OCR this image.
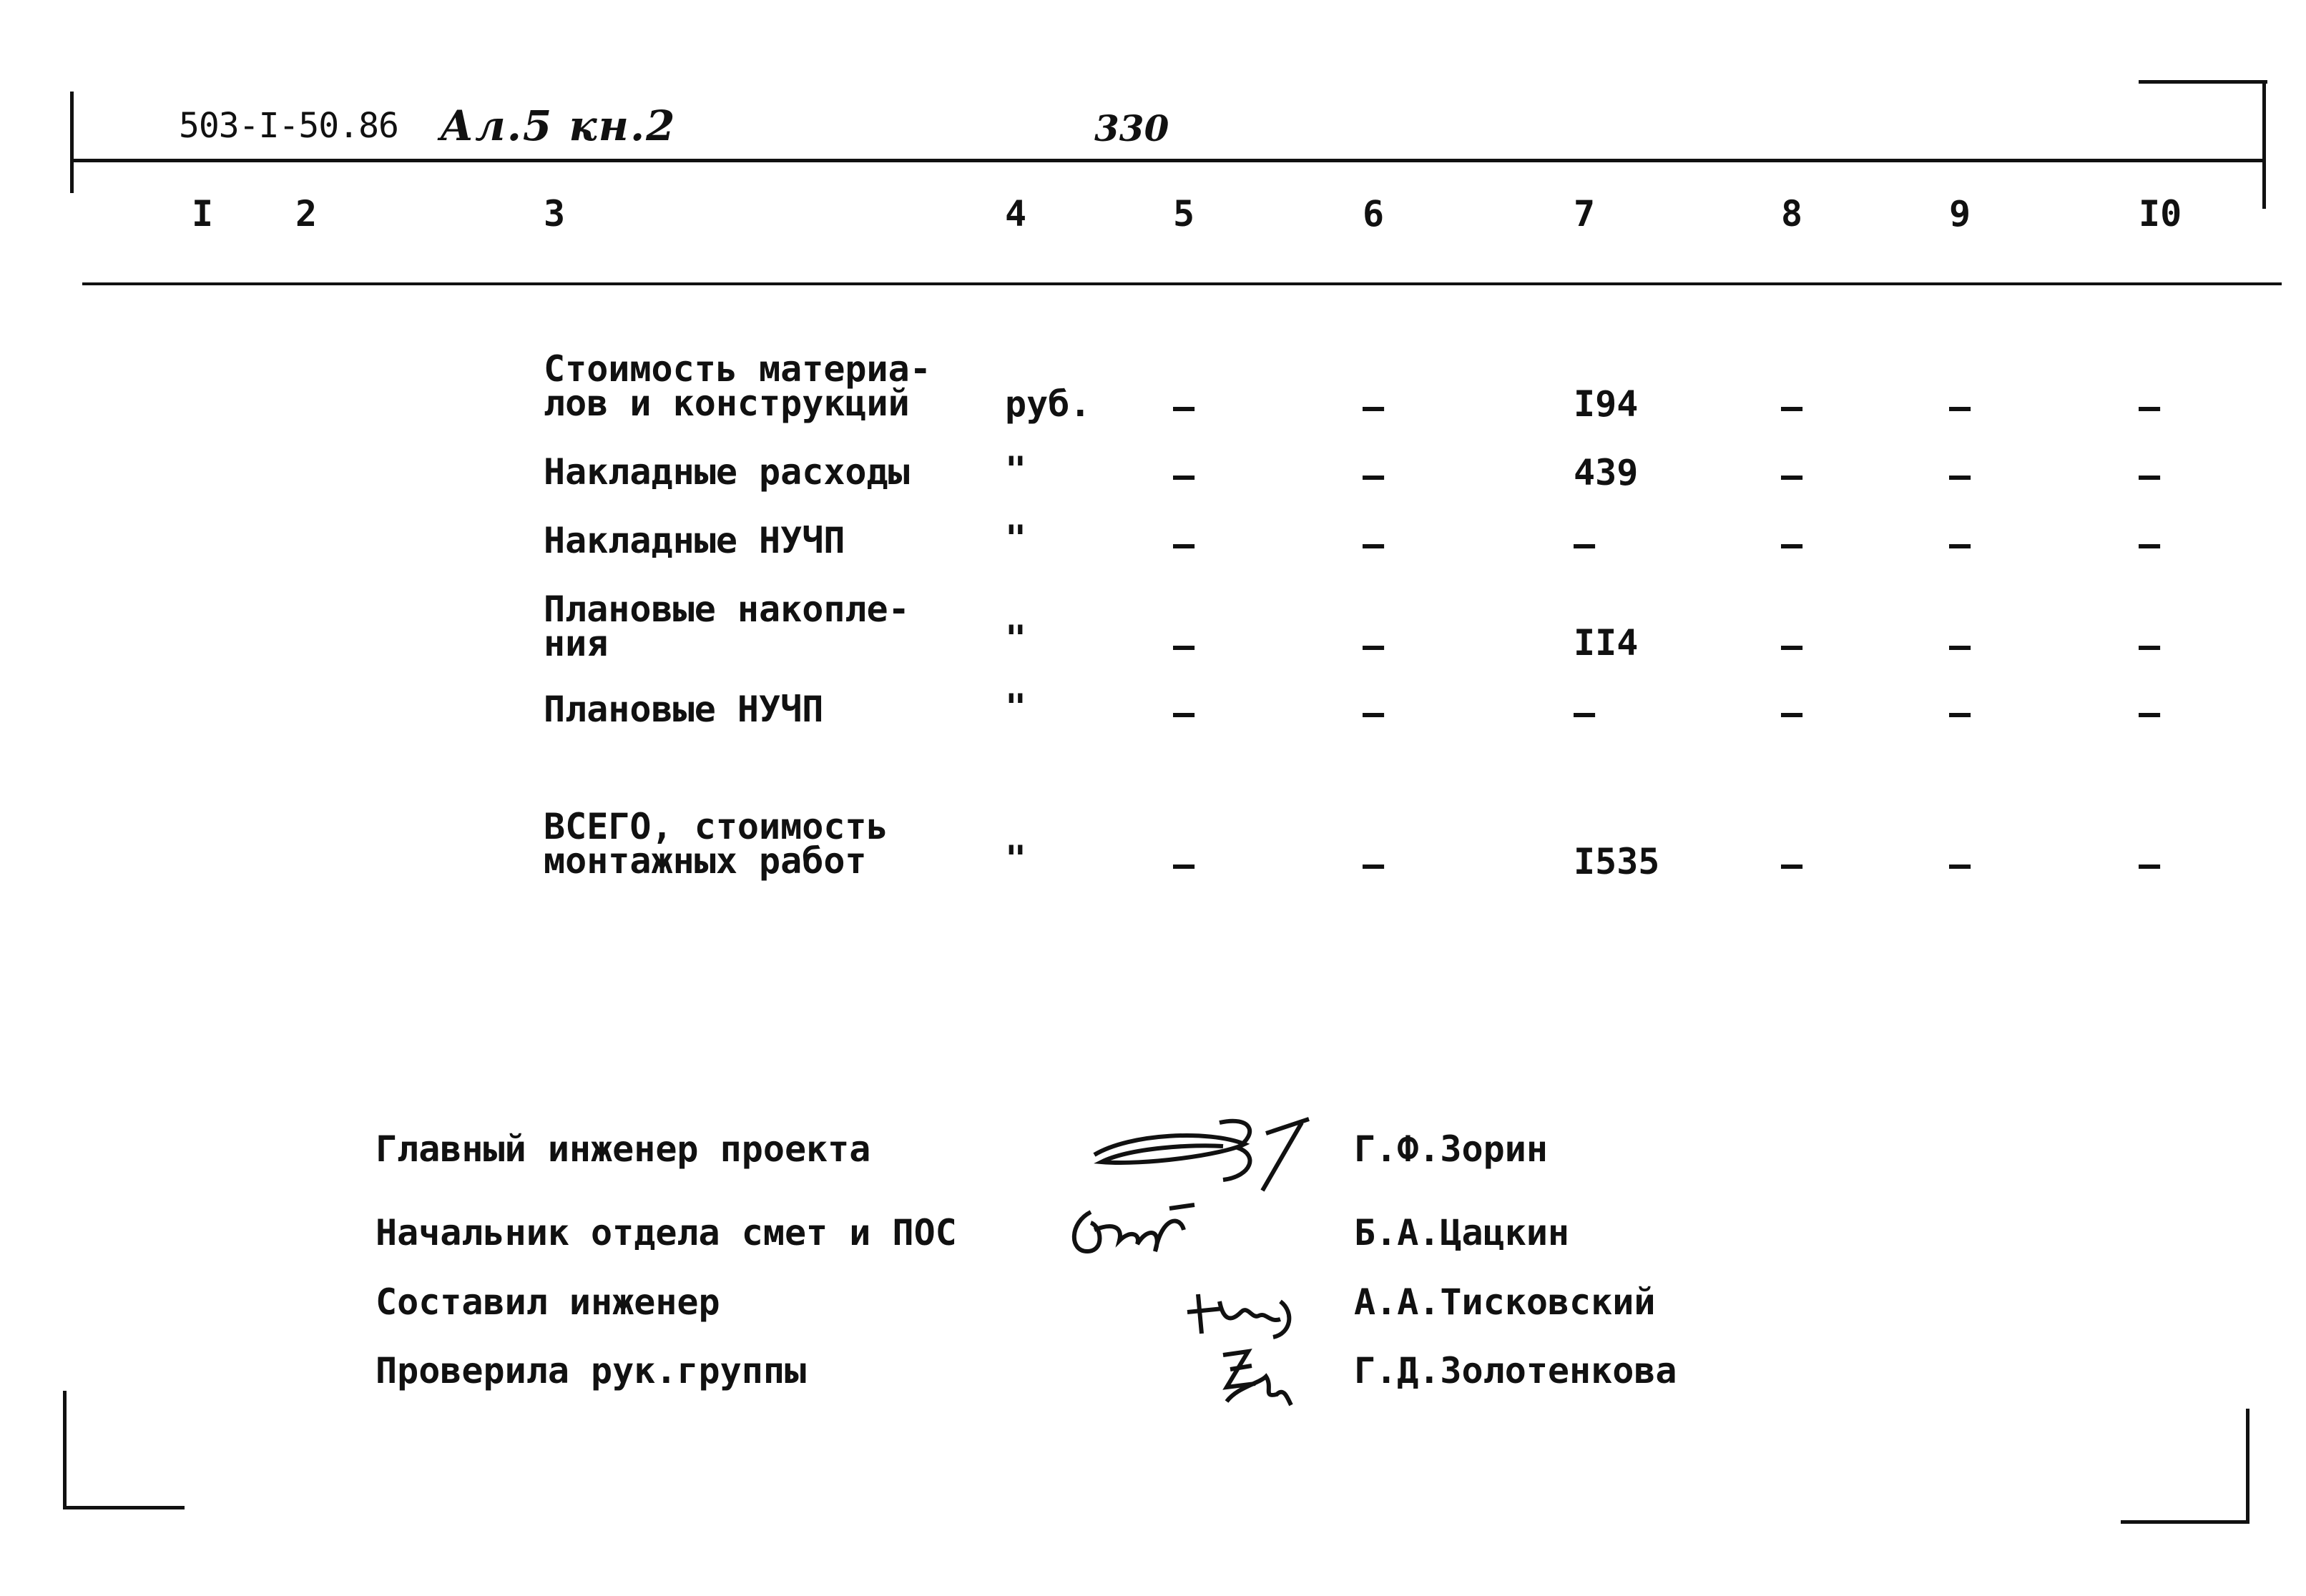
503-I-50.86 Ал.5 кн.2	330
I 2	3	4	5	6	7	8	9	I0
Стоимость материа-
лов и конструкций	руб. –	–	I94	–	–	–
Накладные расходы	"	–	–	439	–	–	–
Накладные НУЧП	"	–	–	–	–	–	–
Плановые накопле-
ния	"	–	–	II4	–	–	–
Плановые НУЧП	"	–	–	–	–	–	–
ВСЕГО, стоимость
монтажных работ	"	–	–	I535	–	–	–
Главный инженер проекта	Г.Ф.Зорин
Начальник отдела смет и ПОС	Б.А.Цацкин
Составил инженер	А.А.Тисковский
Проверила рук.группы	Г.Д.Золотенкова
